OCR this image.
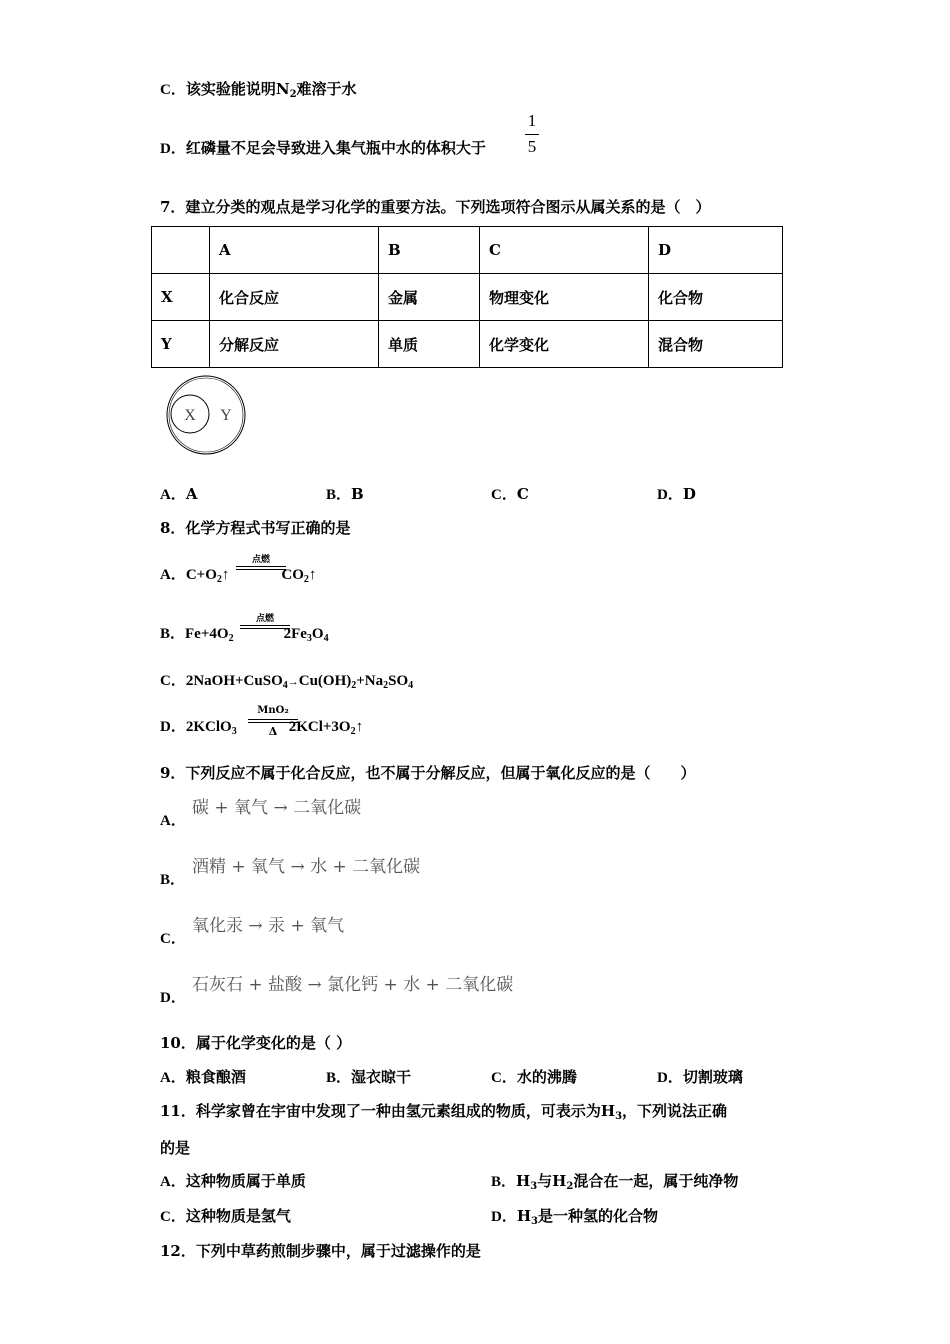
C．该实验能说明$N_2$难溶于水
D．红磷量不足会导致进入集气瓶中水的体积大于
1
5
7．建立分类的观点是学习化学的重要方法。下列选项符合图示从属关系的是（　）
	A	B	C	D
X	化合反应	金属	物理变化	化合物
Y	分解反应	单质	化学变化	混合物
X Y
A．A	B．B	C．C	D．D
8．化学方程式书写正确的是
A．$C+O_2↑$	$CO_2↑$
点燃
B．$Fe+4O_2$	$2Fe_3O_4$
点燃
C．$2NaOH+CuSO_4\to Cu(OH)_2+Na_2SO_4$
D．2KClO$_3$	$2KCl+3O_2↑$
MnO₂
Δ
9．下列反应不属于化合反应，也不属于分解反应，但属于氧化反应的是（　　）
A．
碳 + 氧气 → 二氧化碳
B．
酒精 + 氧气 → 水 + 二氧化碳
C．
氧化汞 → 汞 + 氧气
D．
石灰石 + 盐酸 → 氯化钙 + 水 + 二氧化碳
10．属于化学变化的是（ ）
A．粮食酿酒	B．湿衣晾干	C．水的沸腾	D．切割玻璃
11．科学家曾在宇宙中发现了一种由氢元素组成的物质，可表示为$H_3$，下列说法正确
的是
A．这种物质属于单质	B．$H_3$与$H_2$混合在一起，属于纯净物
C．这种物质是氢气	D．$H_3$是一种氢的化合物
12．下列中草药煎制步骤中，属于过滤操作的是
